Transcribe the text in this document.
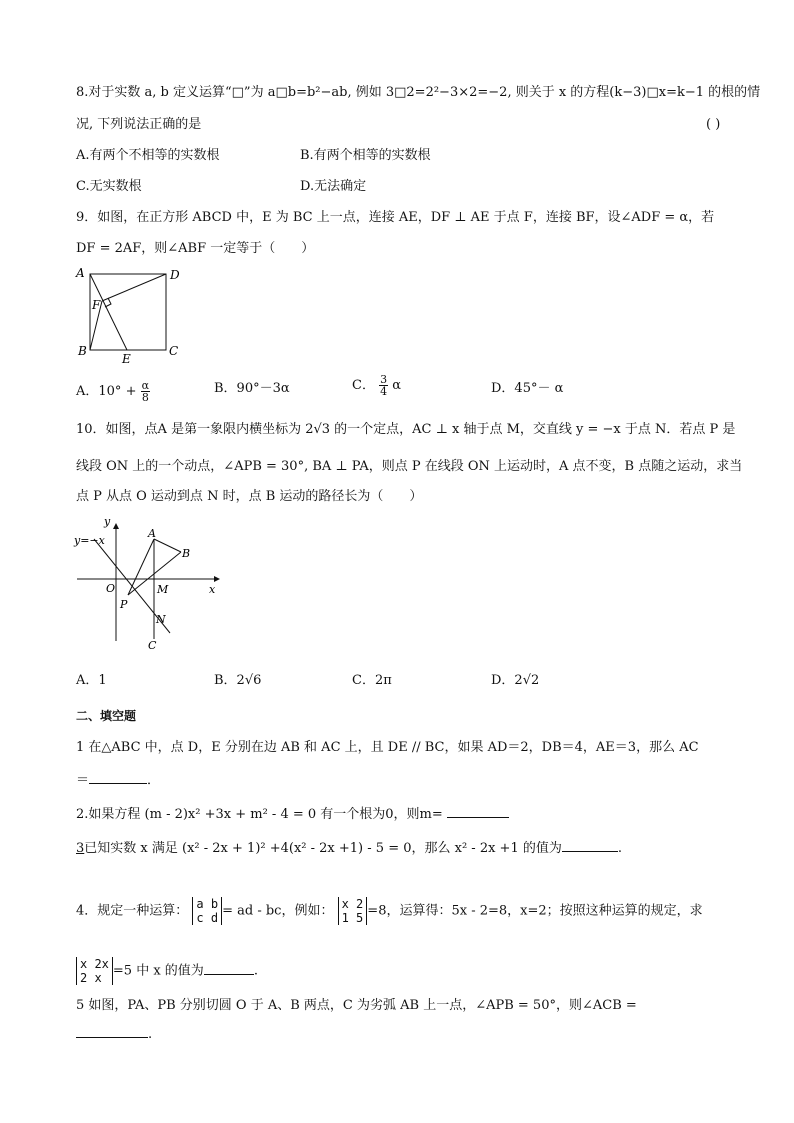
8.对于实数 a, b 定义运算“□”为 a□b=b²−ab, 例如 3□2=2²−3×2=−2, 则关于 x 的方程(k−3)□x=k−1 的根的情
况, 下列说法正确的是	( )
A.有两个不相等的实数根	B.有两个相等的实数根
C.无实数根	D.无法确定
9．如图，在正方形 ABCD 中，E 为 BC 上一点，连接 AE，DF ⊥ AE 于点 F，连接 BF，设∠ADF = α，若
DF = 2AF，则∠ABF 一定等于（　　）
A	D
F
B
E
C
A．$10^\circ + \frac{\alpha}{8}$	B．90°－3α	C． $\frac{3}{4}$ α	D．45°－ α
10．如图，点A 是第一象限内横坐标为 2√3 的一个定点，AC ⊥ x 轴于点 M，交直线 y = −x 于点 N．若点 P 是
线段 ON 上的一个动点，∠APB = 30°, BA ⊥ PA，则点 P 在线段 ON 上运动时，A 点不变，B 点随之运动，求当
点 P 从点 O 运动到点 N 时，点 B 运动的路径长为（　　）
y
y=−x
A
B
O
P
M	x
N
C
A．1	B．2√6	C．2π	D．2√2
二、填空题
1 在△ABC 中，点 D，E 分别在边 AB 和 AC 上，且 DE // BC，如果 AD＝2，DB＝4，AE＝3，那么 AC
＝	．
2.如果方程 (m - 2)x² +3x + m² - 4 = 0 有一个根为0，则m=
3已知实数 x 满足 (x² - 2x + 1)² +4(x² - 2x +1) - 5 = 0，那么 x² - 2x +1 的值为	.
4．规定一种运算： a b
c d = ad - bc，例如： x 2
1 5 =8，运算得：5x - 2=8，x=2；按照这种运算的规定，求
x 2x
2 x =5 中 x 的值为	.
5 如图，PA、PB 分别切圆 O 于 A、B 两点，C 为劣弧 AB 上一点，∠APB = 50°，则∠ACB =
.
